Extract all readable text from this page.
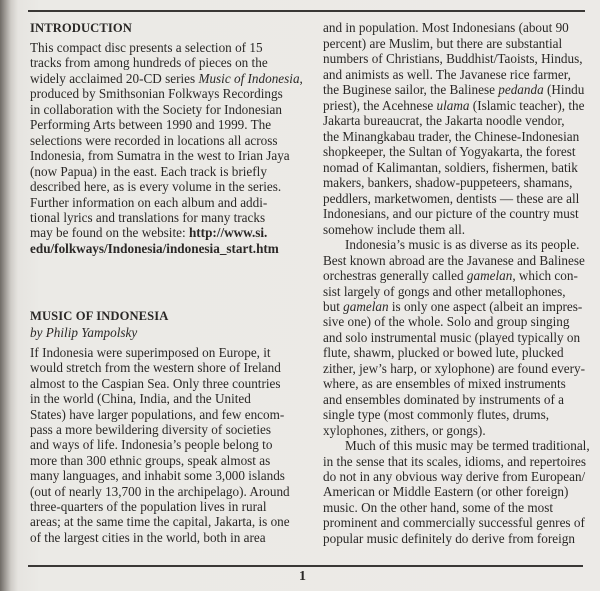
INTRODUCTION
MUSIC OF INDONESIA
by Philip Yampolsky
This compact disc presents a selection of 15
tracks from among hundreds of pieces on the
widely acclaimed 20-CD series Music of Indonesia,
produced by Smithsonian Folkways Recordings
in collaboration with the Society for Indonesian
Performing Arts between 1990 and 1999. The
selections were recorded in locations all across
Indonesia, from Sumatra in the west to Irian Jaya
(now Papua) in the east. Each track is briefly
described here, as is every volume in the series.
Further information on each album and addi-
tional lyrics and translations for many tracks
may be found on the website: http://www.si.
edu/folkways/Indonesia/indonesia_start.htm
If Indonesia were superimposed on Europe, it
would stretch from the western shore of Ireland
almost to the Caspian Sea. Only three countries
in the world (China, India, and the United
States) have larger populations, and few encom-
pass a more bewildering diversity of societies
and ways of life. Indonesia’s people belong to
more than 300 ethnic groups, speak almost as
many languages, and inhabit some 3,000 islands
(out of nearly 13,700 in the archipelago). Around
three-quarters of the population lives in rural
areas; at the same time the capital, Jakarta, is one
of the largest cities in the world, both in area
and in population. Most Indonesians (about 90
percent) are Muslim, but there are substantial
numbers of Christians, Buddhist/Taoists, Hindus,
and animists as well. The Javanese rice farmer,
the Buginese sailor, the Balinese pedanda (Hindu
priest), the Acehnese ulama (Islamic teacher), the
Jakarta bureaucrat, the Jakarta noodle vendor,
the Minangkabau trader, the Chinese-Indonesian
shopkeeper, the Sultan of Yogyakarta, the forest
nomad of Kalimantan, soldiers, fishermen, batik
makers, bankers, shadow-puppeteers, shamans,
peddlers, marketwomen, dentists — these are all
Indonesians, and our picture of the country must
somehow include them all.
Indonesia’s music is as diverse as its people.
Best known abroad are the Javanese and Balinese
orchestras generally called gamelan, which con-
sist largely of gongs and other metallophones,
but gamelan is only one aspect (albeit an impres-
sive one) of the whole. Solo and group singing
and solo instrumental music (played typically on
flute, shawm, plucked or bowed lute, plucked
zither, jew’s harp, or xylophone) are found every-
where, as are ensembles of mixed instruments
and ensembles dominated by instruments of a
single type (most commonly flutes, drums,
xylophones, zithers, or gongs).
Much of this music may be termed traditional,
in the sense that its scales, idioms, and repertoires
do not in any obvious way derive from European/
American or Middle Eastern (or other foreign)
music. On the other hand, some of the most
prominent and commercially successful genres of
popular music definitely do derive from foreign
1
